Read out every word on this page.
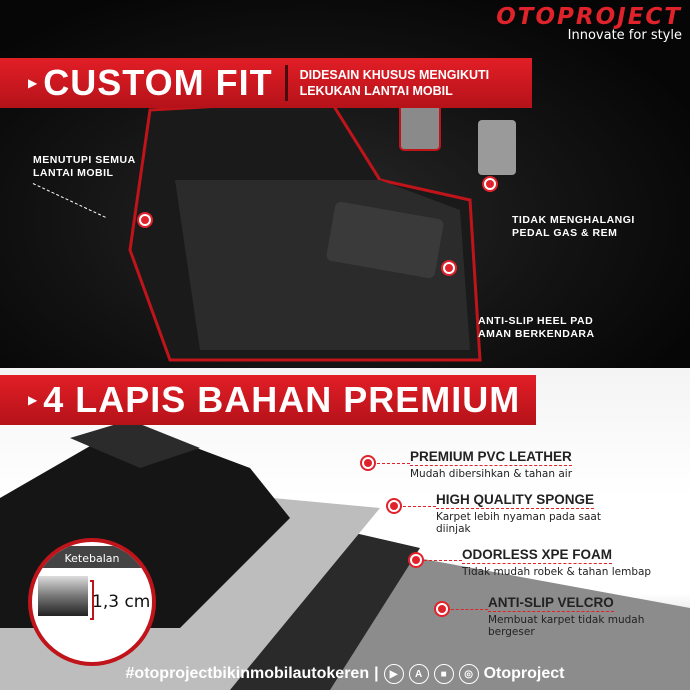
OTOPROJECT
Innovate for style
▶ CUSTOM FIT DIDESAIN KHUSUS MENGIKUTI
LEKUKAN LANTAI MOBIL
MENUTUPI SEMUA
LANTAI MOBIL
TIDAK MENGHALANGI
PEDAL GAS & REM
ANTI-SLIP HEEL PAD
AMAN BERKENDARA
▶ 4 LAPIS BAHAN PREMIUM
PREMIUM PVC LEATHER

Mudah dibersihkan & tahan air

HIGH QUALITY SPONGE

Karpet lebih nyaman pada saat diinjak

ODORLESS XPE FOAM

Tidak mudah robek & tahan lembap

ANTI-SLIP VELCRO

Membuat karpet tidak mudah bergeser

Ketebalan
1,3 cm
#otoproject​bikinmobilautokeren |	▶	A	■	◎ Otoproject
